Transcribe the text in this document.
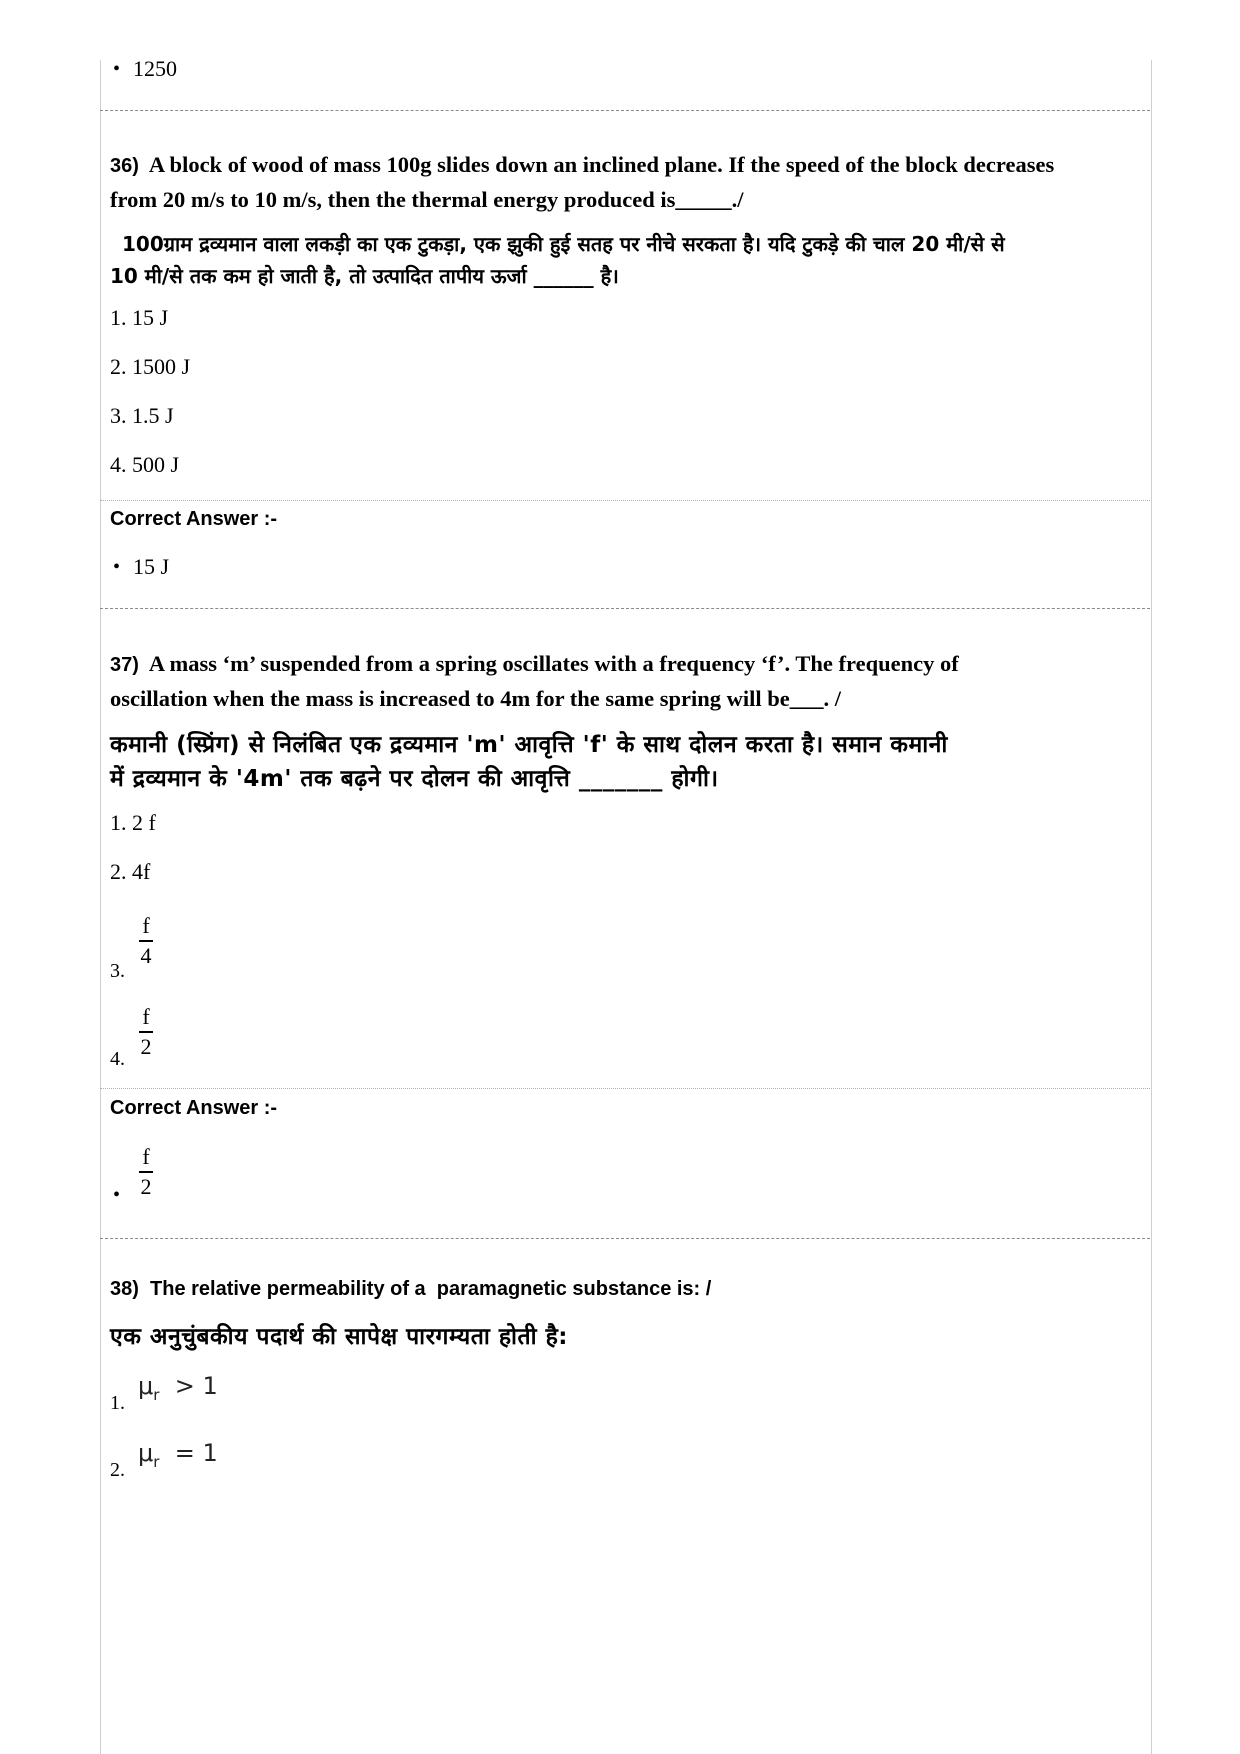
• 1250
36) A block of wood of mass 100g slides down an inclined plane. If the speed of the block decreases from 20 m/s to 10 m/s, then the thermal energy produced is_____./
100ग्राम द्रव्यमान वाला लकड़ी का एक टुकड़ा, एक झुकी हुई सतह पर नीचे सरकता है। यदि टुकड़े की चाल 20 मी/से से 10 मी/से तक कम हो जाती है, तो उत्पादित तापीय ऊर्जा ______ है।
1. 15 J
2. 1500 J
3. 1.5 J
4. 500 J
Correct Answer :-
• 15 J
37) A mass ‘m’ suspended from a spring oscillates with a frequency ‘f’. The frequency of oscillation when the mass is increased to 4m for the same spring will be___. /
कमानी (स्प्रिंग) से निलंबित एक द्रव्यमान 'm' आवृत्ति 'f' के साथ दोलन करता है। समान कमानी में द्रव्यमान के '4m' तक बढ़ने पर दोलन की आवृत्ति _______ होगी।
1. 2 f
2. 4f
3.
f
4
4.
f
2
Correct Answer :-
•
f
2
38)  The relative permeability of a  paramagnetic substance is: /
एक अनुचुंबकीय पदार्थ की सापेक्ष पारगम्यता होती है:
1.
$\mu_r > 1$
2.
$\mu_r = 1$
